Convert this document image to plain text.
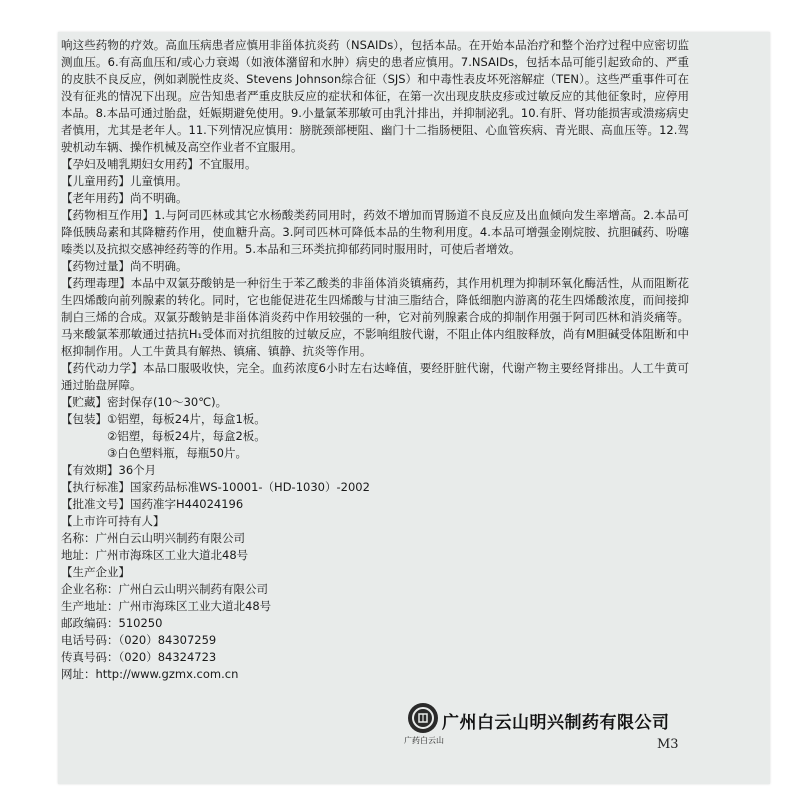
响这些药物的疗效。高血压病患者应慎用非甾体抗炎药（NSAIDs），包括本品。在开始本品治疗和整个治疗过程中应密切监测血压。6.有高血压和/或心力衰竭（如液体潴留和水肿）病史的患者应慎用。7.NSAIDs，包括本品可能引起致命的、严重的皮肤不良反应，例如剥脱性皮炎、Stevens Johnson综合征（SJS）和中毒性表皮坏死溶解症（TEN）。这些严重事件可在没有征兆的情况下出现。应告知患者严重皮肤反应的症状和体征，在第一次出现皮肤皮疹或过敏反应的其他征象时，应停用本品。8.本品可通过胎盘，妊娠期避免使用。9.小量氯苯那敏可由乳汁排出，并抑制泌乳。10.有肝、肾功能损害或溃疡病史者慎用，尤其是老年人。11.下列情况应慎用：膀胱颈部梗阻、幽门十二指肠梗阻、心血管疾病、青光眼、高血压等。12.驾驶机动车辆、操作机械及高空作业者不宜服用。

【孕妇及哺乳期妇女用药】 不宜服用。
【儿童用药】 儿童慎用。
【老年用药】 尚不明确。

【药物相互作用】1.与阿司匹林或其它水杨酸类药同用时，药效不增加而胃肠道不良反应及出血倾向发生率增高。2.本品可降低胰岛素和其降糖药作用，使血糖升高。3.阿司匹林可降低本品的生物利用度。4.本品可增强金刚烷胺、抗胆碱药、吩噻嗪类以及抗拟交感神经药等的作用。5.本品和三环类抗抑郁药同时服用时，可使后者增效。

【药物过量】 尚不明确。

【药理毒理】本品中双氯芬酸钠是一种衍生于苯乙酸类的非甾体消炎镇痛药，其作用机理为抑制环氧化酶活性，从而阻断花生四烯酸向前列腺素的转化。同时，它也能促进花生四烯酸与甘油三脂结合，降低细胞内游离的花生四烯酸浓度，而间接抑制白三烯的合成。双氯芬酸钠是非甾体消炎药中作用较强的一种，它对前列腺素合成的抑制作用强于阿司匹林和消炎痛等。马来酸氯苯那敏通过拮抗H₁受体而对抗组胺的过敏反应，不影响组胺代谢，不阻止体内组胺释放，尚有M胆碱受体阻断和中枢抑制作用。人工牛黄具有解热、镇痛、镇静、抗炎等作用。

【药代动力学】本品口服吸收快，完全。血药浓度6小时左右达峰值，要经肝脏代谢，代谢产物主要经肾排出。人工牛黄可通过胎盘屏障。

【贮藏】 密封保存(10～30℃)。
【包装】 ①铝塑，每板24片，每盒1板。
②铝塑，每板24片，每盒2板。
③白色塑料瓶，每瓶50片。
【有效期】 36个月
【执行标准】 国家药品标准WS-10001-（HD-1030）-2002
【批准文号】 国药准字H44024196
【上市许可持有人】
名称：广州白云山明兴制药有限公司
地址：广州市海珠区工业大道北48号
【生产企业】
企业名称：广州白云山明兴制药有限公司
生产地址：广州市海珠区工业大道北48号
邮政编码：510250
电话号码：（020）84307259
传真号码：（020）84324723
网址：http://www.gzmx.com.cn
广药白云山
广州白云山明兴制药有限公司
M3
